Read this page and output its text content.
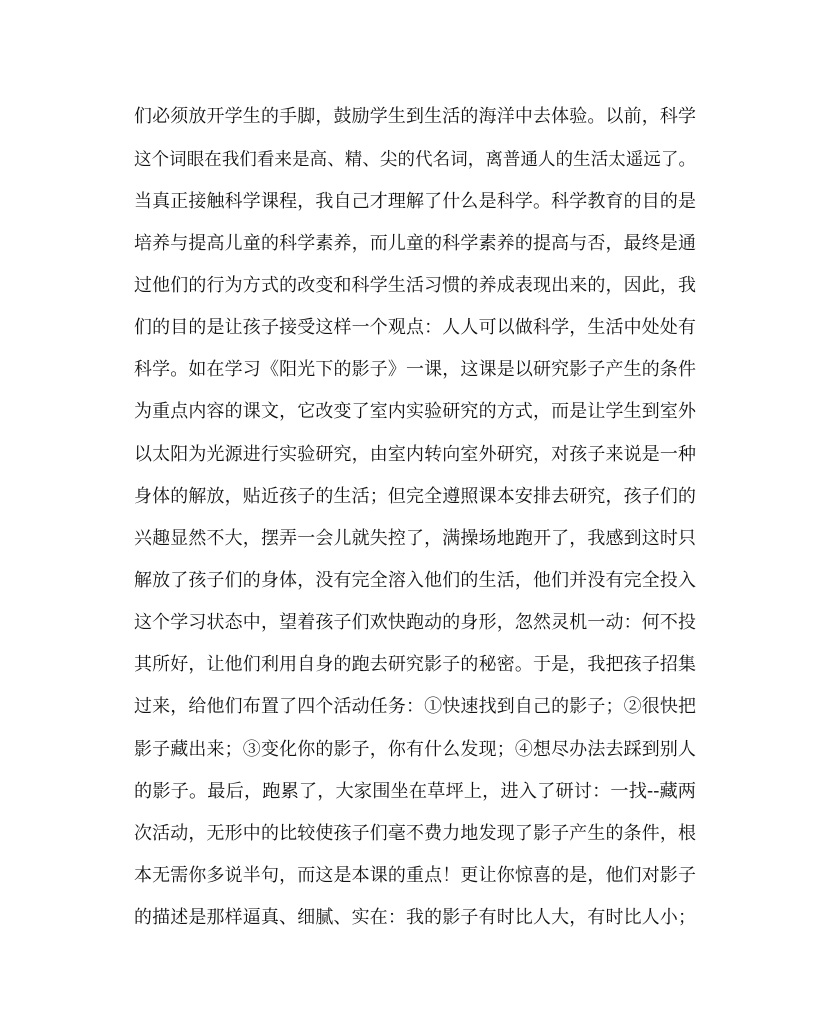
们必须放开学生的手脚，鼓励学生到生活的海洋中去体验。以前，科学
这个词眼在我们看来是高、精、尖的代名词，离普通人的生活太遥远了。
当真正接触科学课程，我自己才理解了什么是科学。科学教育的目的是
培养与提高儿童的科学素养，而儿童的科学素养的提高与否，最终是通
过他们的行为方式的改变和科学生活习惯的养成表现出来的，因此，我
们的目的是让孩子接受这样一个观点：人人可以做科学，生活中处处有
科学。如在学习《阳光下的影子》一课，这课是以研究影子产生的条件
为重点内容的课文，它改变了室内实验研究的方式，而是让学生到室外
以太阳为光源进行实验研究，由室内转向室外研究，对孩子来说是一种
身体的解放，贴近孩子的生活；但完全遵照课本安排去研究，孩子们的
兴趣显然不大，摆弄一会儿就失控了，满操场地跑开了，我感到这时只
解放了孩子们的身体，没有完全溶入他们的生活，他们并没有完全投入
这个学习状态中，望着孩子们欢快跑动的身形，忽然灵机一动：何不投
其所好，让他们利用自身的跑去研究影子的秘密。于是，我把孩子招集
过来，给他们布置了四个活动任务：①快速找到自己的影子；②很快把
影子藏出来；③变化你的影子，你有什么发现；④想尽办法去踩到别人
的影子。最后，跑累了，大家围坐在草坪上，进入了研讨：一找--藏两
次活动，无形中的比较使孩子们毫不费力地发现了影子产生的条件，根
本无需你多说半句，而这是本课的重点！更让你惊喜的是，他们对影子
的描述是那样逼真、细腻、实在：我的影子有时比人大，有时比人小；
